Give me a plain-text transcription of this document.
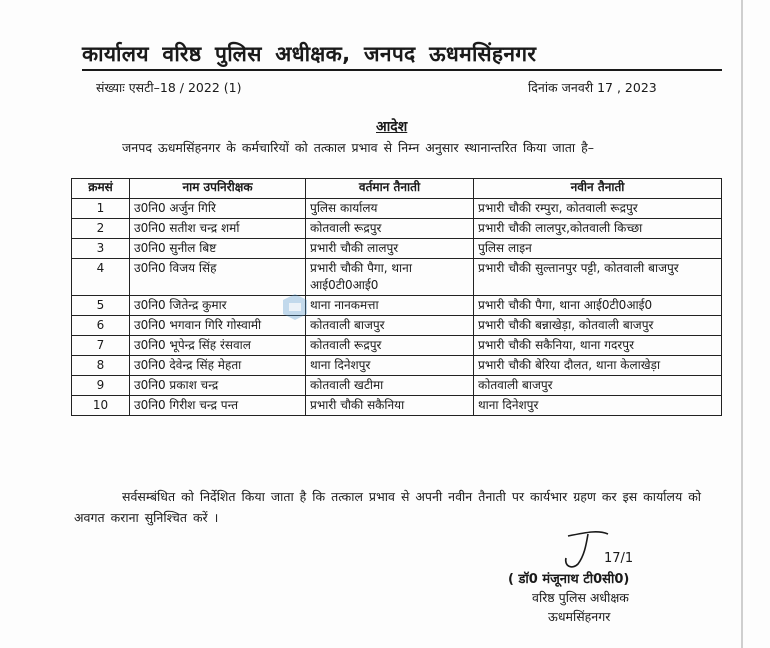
कार्यालय वरिष्ठ पुलिस अधीक्षक, जनपद ऊधमसिंहनगर
संख्याः एसटी–18 / 2022 (1)	दिनांक जनवरी 17 , 2023
आदेश
जनपद ऊधमसिंहनगर के कर्मचारियों को तत्काल प्रभाव से निम्न अनुसार स्थानान्तरित किया जाता है–
क्रमसं	नाम उपनिरीक्षक	वर्तमान तैनाती	नवीन तैनाती
1	उ0नि0 अर्जुन गिरि	पुलिस कार्यालय	प्रभारी चौकी रम्पुरा, कोतवाली रूद्रपुर
2	उ0नि0 सतीश चन्द्र शर्मा	कोतवाली रूद्रपुर	प्रभारी चौकी लालपुर,कोतवाली किच्छा
3	उ0नि0 सुनील बिष्ट	प्रभारी चौकी लालपुर	पुलिस लाइन
4	उ0नि0 विजय सिंह	प्रभारी चौकी पैगा, थाना आई0टी0आई0	प्रभारी चौकी सुल्तानपुर पट्टी, कोतवाली बाजपुर
5	उ0नि0 जितेन्द्र कुमार	थाना नानकमत्ता	प्रभारी चौकी पैगा, थाना आई0टी0आई0
6	उ0नि0 भगवान गिरि गोस्वामी	कोतवाली बाजपुर	प्रभारी चौकी बन्नाखेड़ा, कोतवाली बाजपुर
7	उ0नि0 भूपेन्द्र सिंह रंसवाल	कोतवाली रूद्रपुर	प्रभारी चौकी सकैनिया, थाना गदरपुर
8	उ0नि0 देवेन्द्र सिंह मेहता	थाना दिनेशपुर	प्रभारी चौकी बेरिया दौलत, थाना केलाखेड़ा
9	उ0नि0 प्रकाश चन्द्र	कोतवाली खटीमा	कोतवाली बाजपुर
10	उ0नि0 गिरीश चन्द्र पन्त	प्रभारी चौकी सकैनिया	थाना दिनेशपुर
सर्वसम्बंधित को निर्देशित किया जाता है कि तत्काल प्रभाव से अपनी नवीन तैनाती पर कार्यभार ग्रहण कर इस कार्यालय को अवगत कराना सुनिश्चित करें ।
17/1
( डॉ0 मंजूनाथ टी0सी0)
वरिष्ठ पुलिस अधीक्षक
ऊधमसिंहनगर
